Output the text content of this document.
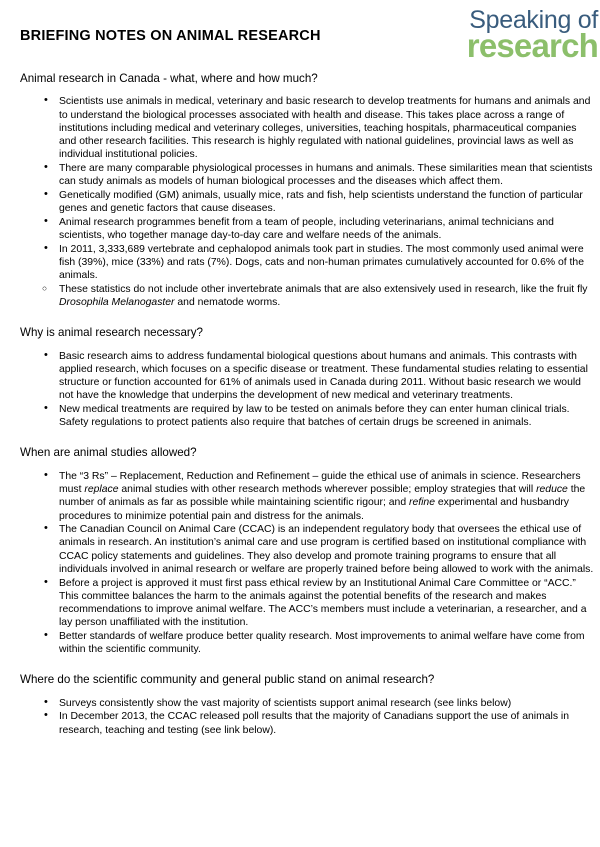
BRIEFING NOTES ON ANIMAL RESEARCH
Speaking of
research
Animal research in Canada - what, where and how much?
• Scientists use animals in medical, veterinary and basic research to develop treatments for humans and animals and to understand the biological processes associated with health and disease. This takes place across a range of institutions including medical and veterinary colleges, universities, teaching hospitals, pharmaceutical companies and other research facilities. This research is highly regulated with national guidelines, provincial laws as well as individual institutional policies.
• There are many comparable physiological processes in humans and animals. These similarities mean that scientists can study animals as models of human biological processes and the diseases which affect them.
• Genetically modified (GM) animals, usually mice, rats and fish, help scientists understand the function of particular genes and genetic factors that cause diseases.
• Animal research programmes benefit from a team of people, including veterinarians, animal technicians and scientists, who together manage day-to-day care and welfare needs of the animals.
• In 2011, 3,333,689 vertebrate and cephalopod animals took part in studies. The most commonly used animal were fish (39%), mice (33%) and rats (7%). Dogs, cats and non-human primates cumulatively accounted for 0.6% of the animals.
○ These statistics do not include other invertebrate animals that are also extensively used in research, like the fruit fly Drosophila Melanogaster and nematode worms.
Why is animal research necessary?
• Basic research aims to address fundamental biological questions about humans and animals. This contrasts with applied research, which focuses on a specific disease or treatment. These fundamental studies relating to essential structure or function accounted for 61% of animals used in Canada during 2011. Without basic research we would not have the knowledge that underpins the development of new medical and veterinary treatments.
• New medical treatments are required by law to be tested on animals before they can enter human clinical trials. Safety regulations to protect patients also require that batches of certain drugs be screened in animals.
When are animal studies allowed?
• The “3 Rs” – Replacement, Reduction and Refinement – guide the ethical use of animals in science. Researchers must replace animal studies with other research methods wherever possible; employ strategies that will reduce the number of animals as far as possible while maintaining scientific rigour; and refine experimental and husbandry procedures to minimize potential pain and distress for the animals.
• The Canadian Council on Animal Care (CCAC) is an independent regulatory body that oversees the ethical use of animals in research. An institution’s animal care and use program is certified based on institutional compliance with CCAC policy statements and guidelines. They also develop and promote training programs to ensure that all individuals involved in animal research or welfare are properly trained before being allowed to work with the animals.
• Before a project is approved it must first pass ethical review by an Institutional Animal Care Committee or “ACC.” This committee balances the harm to the animals against the potential benefits of the research and makes recommendations to improve animal welfare. The ACC’s members must include a veterinarian, a researcher, and a lay person unaffiliated with the institution.
• Better standards of welfare produce better quality research. Most improvements to animal welfare have come from within the scientific community.
Where do the scientific community and general public stand on animal research?
• Surveys consistently show the vast majority of scientists support animal research (see links below)
• In December 2013, the CCAC released poll results that the majority of Canadians support the use of animals in research, teaching and testing (see link below).
